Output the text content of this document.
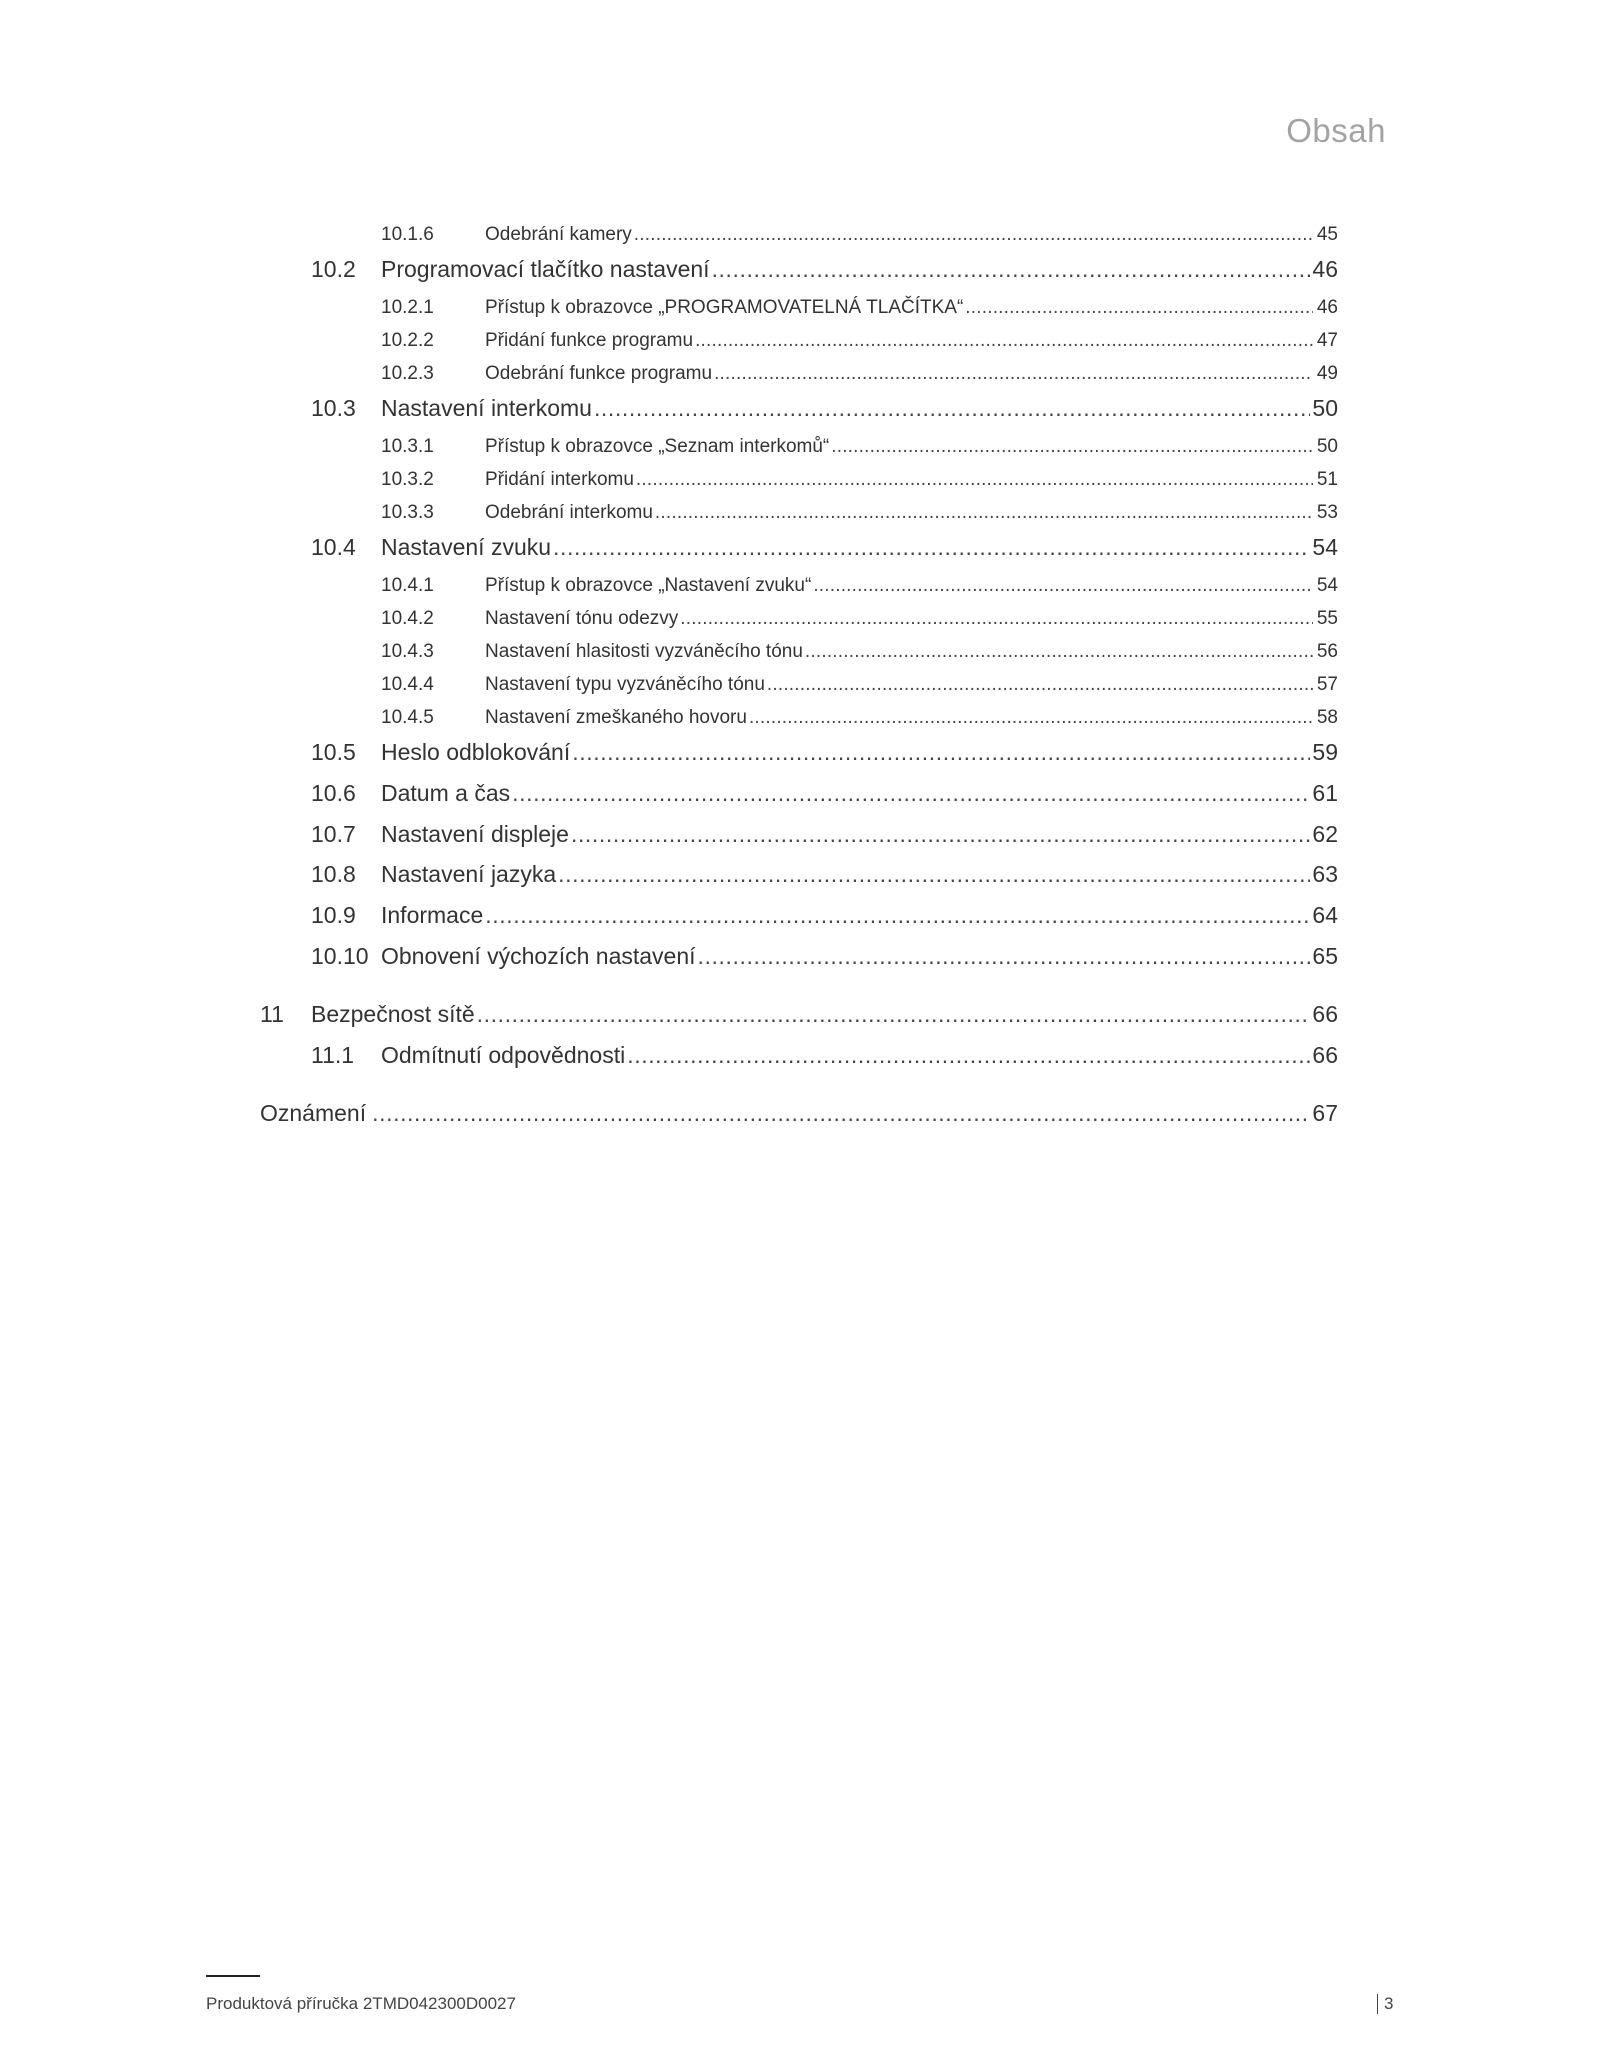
Obsah
10.1.6	Odebrání kamery .....	45
10.2	Programovací tlačítko nastavení .....	46
10.2.1	Přístup k obrazovce „PROGRAMOVATELNÁ TLAČÍTKA“ .....	46
10.2.2	Přidání funkce programu .....	47
10.2.3	Odebrání funkce programu .....	49
10.3	Nastavení interkomu .....	50
10.3.1	Přístup k obrazovce „Seznam interkomů“ .....	50
10.3.2	Přidání interkomu .....	51
10.3.3	Odebrání interkomu .....	53
10.4	Nastavení zvuku .....	54
10.4.1	Přístup k obrazovce „Nastavení zvuku“ .....	54
10.4.2	Nastavení tónu odezvy .....	55
10.4.3	Nastavení hlasitosti vyzváněcího tónu .....	56
10.4.4	Nastavení typu vyzváněcího tónu .....	57
10.4.5	Nastavení zmeškaného hovoru .....	58
10.5	Heslo odblokování .....	59
10.6	Datum a čas .....	61
10.7	Nastavení displeje .....	62
10.8	Nastavení jazyka .....	63
10.9	Informace .....	64
10.10 Obnovení výchozích nastavení .....	65
11	Bezpečnost sítě .....	66
11.1	Odmítnutí odpovědnosti .....	66
Oznámení .....	67
Produktová příručka 2TMD042300D0027	3
